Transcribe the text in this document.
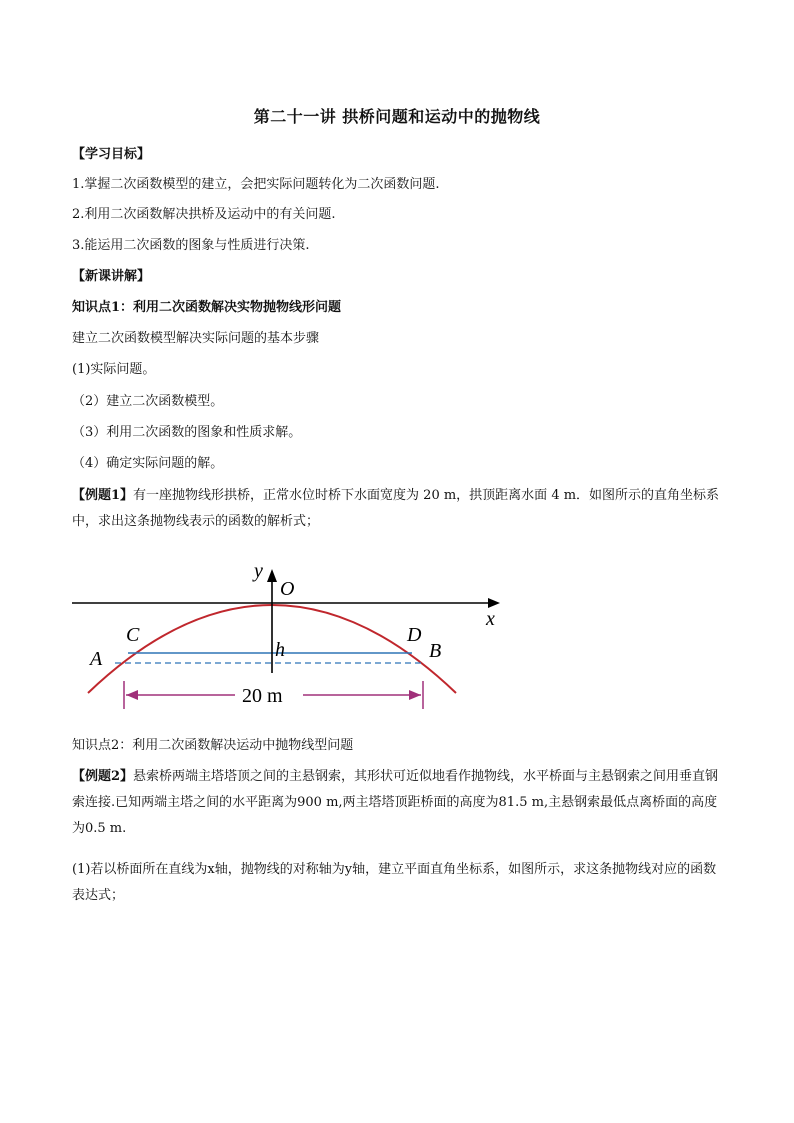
第二十一讲 拱桥问题和运动中的抛物线
【学习目标】
1.掌握二次函数模型的建立，会把实际问题转化为二次函数问题.
2.利用二次函数解决拱桥及运动中的有关问题.
3.能运用二次函数的图象与性质进行决策.
【新课讲解】
知识点1：利用二次函数解决实物抛物线形问题
建立二次函数模型解决实际问题的基本步骤
(1)实际问题。
（2）建立二次函数模型。
（3）利用二次函数的图象和性质求解。
（4）确定实际问题的解。
【例题1】有一座抛物线形拱桥，正常水位时桥下水面宽度为 20 m，拱顶距离水面 4 m．如图所示的直角坐标系中，求出这条抛物线表示的函数的解析式；
y
O
x
C	D
A	B
h
20 m
知识点2：利用二次函数解决运动中抛物线型问题
【例题2】悬索桥两端主塔塔顶之间的主悬钢索，其形状可近似地看作抛物线，水平桥面与主悬钢索之间用垂直钢索连接.已知两端主塔之间的水平距离为900 m,两主塔塔顶距桥面的高度为81.5 m,主悬钢索最低点离桥面的高度为0.5 m.
(1)若以桥面所在直线为x轴，抛物线的对称轴为y轴，建立平面直角坐标系，如图所示，求这条抛物线对应的函数表达式；
